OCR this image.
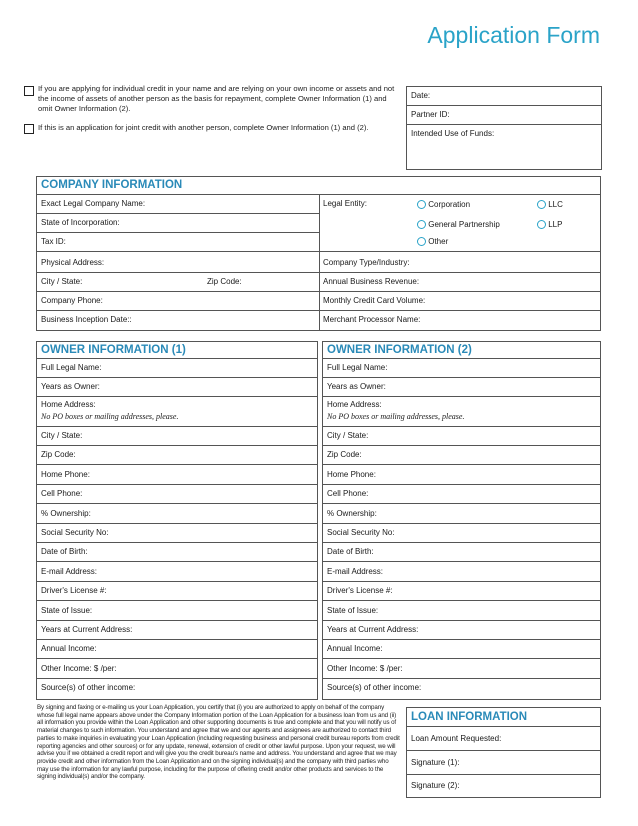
Application Form
If you are applying for individual credit in your name and are relying on your own income or assets and not the income of assets of another person as the basis for repayment, complete Owner Information (1) and omit Owner Information (2).
If this is an application for joint credit with another person, complete Owner Information (1) and (2).
Date:
Partner ID:
Intended Use of Funds:
COMPANY INFORMATION
Exact Legal Company Name:
State of Incorporation:
Tax ID:
Legal Entity:	Corporation	LLC
General Partnership	LLP
Other
Physical Address:	Company Type/Industry:
City / State:	Zip Code:	Annual Business Revenue:
Company Phone:	Monthly Credit Card Volume:
Business Inception Date::	Merchant Processor Name:
OWNER INFORMATION (1)
Full Legal Name:
Years as Owner:
Home Address:
No PO boxes or mailing addresses, please.
City / State:
Zip Code:
Home Phone:
Cell Phone:
% Ownership:
Social Security No:
Date of Birth:
E-mail Address:
Driver's License #:
State of Issue:
Years at Current Address:
Annual Income:
Other Income: $ /per:
Source(s) of other income:
OWNER INFORMATION (2)
Full Legal Name:
Years as Owner:
Home Address:
No PO boxes or mailing addresses, please.
City / State:
Zip Code:
Home Phone:
Cell Phone:
% Ownership:
Social Security No:
Date of Birth:
E-mail Address:
Driver's License #:
State of Issue:
Years at Current Address:
Annual Income:
Other Income: $ /per:
Source(s) of other income:
By signing and faxing or e-mailing us your Loan Application, you certify that (i) you are authorized to apply on behalf of the company whose full legal name appears above under the Company Information portion of the Loan Application for a business loan from us and (ii) all information you provide within the Loan Application and other supporting documents is true and complete and that you will notify us of material changes to such information. You understand and agree that we and our agents and assignees are authorized to contact third parties to make inquiries in evaluating your Loan Application (including requesting business and personal credit bureau reports from credit reporting agencies and other sources) or for any update, renewal, extension of credit or other lawful purpose. Upon your request, we will advise you if we obtained a credit report and will give you the credit bureau's name and address. You understand and agree that we may provide credit and other information from the Loan Application and on the signing individual(s) and the company with third parties who may use the information for any lawful purpose, including for the purpose of offering credit and/or other products and services to the signing individual(s) and/or the company.
LOAN INFORMATION
Loan Amount Requested:
Signature (1):
Signature (2):
